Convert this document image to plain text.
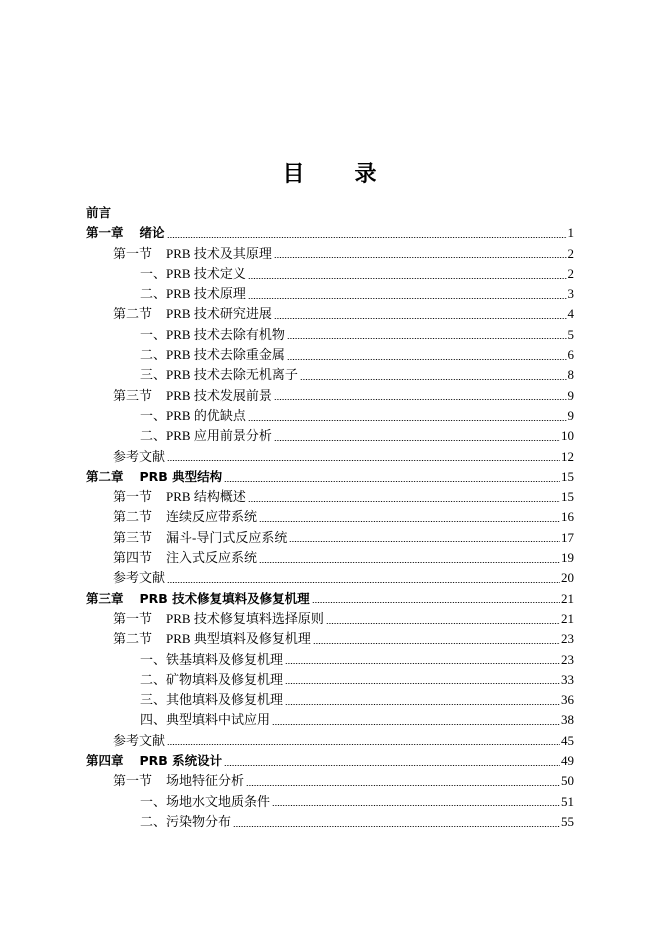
目　　录
前言
第一章 绪论	1
第一节 PRB 技术及其原理	2
一、PRB 技术定义	2
二、PRB 技术原理	3
第二节 PRB 技术研究进展	4
一、PRB 技术去除有机物	5
二、PRB 技术去除重金属	6
三、PRB 技术去除无机离子	8
第三节 PRB 技术发展前景	9
一、PRB 的优缺点	9
二、PRB 应用前景分析	10
参考文献	12
第二章 PRB 典型结构	15
第一节 PRB 结构概述	15
第二节 连续反应带系统	16
第三节 漏斗-导门式反应系统	17
第四节 注入式反应系统	19
参考文献	20
第三章 PRB 技术修复填料及修复机理	21
第一节 PRB 技术修复填料选择原则	21
第二节 PRB 典型填料及修复机理	23
一、铁基填料及修复机理	23
二、矿物填料及修复机理	33
三、其他填料及修复机理	36
四、典型填料中试应用	38
参考文献	45
第四章 PRB 系统设计	49
第一节 场地特征分析	50
一、场地水文地质条件	51
二、污染物分布	55
